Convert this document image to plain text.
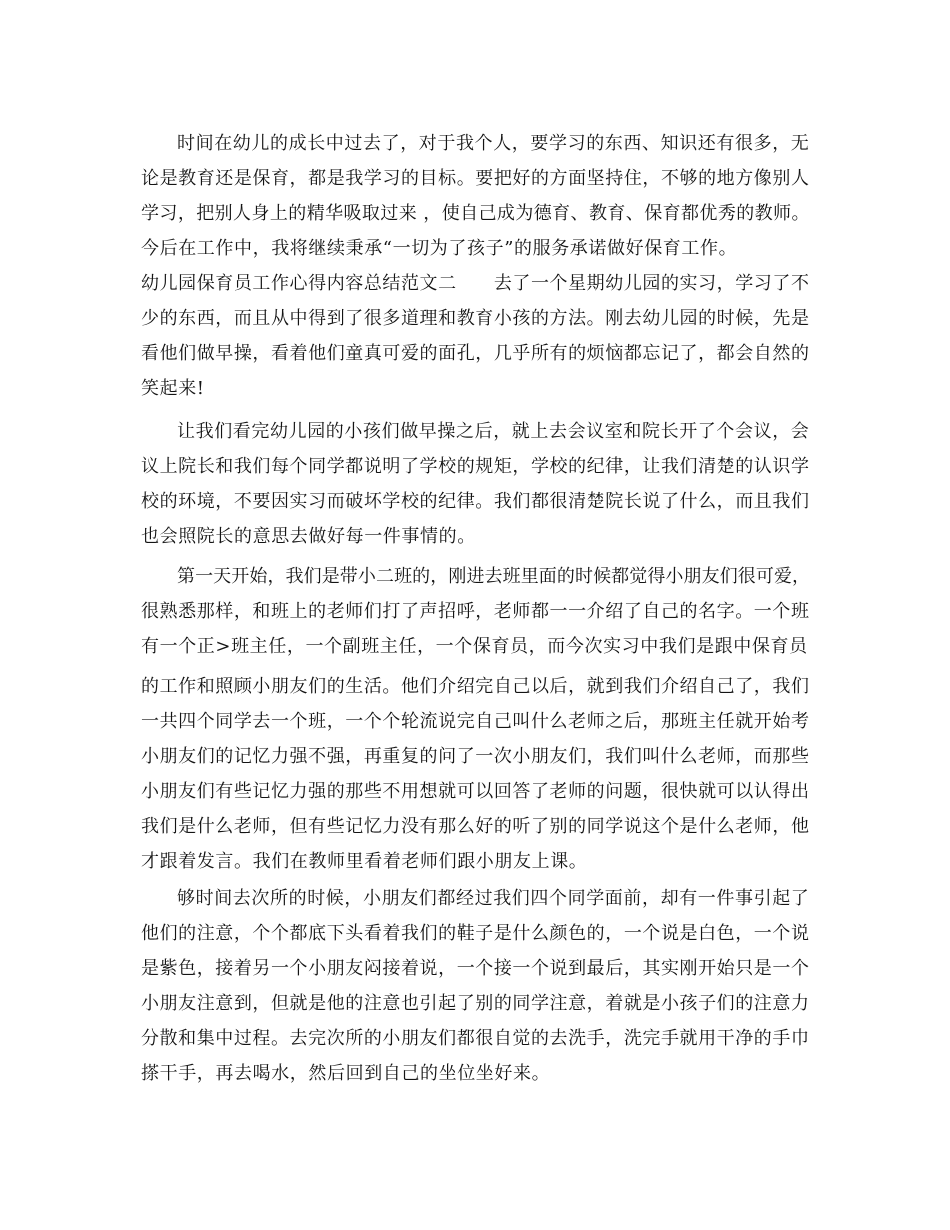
时间在幼儿的成长中过去了，对于我个人，要学习的东西、知识还有很多，无
论是教育还是保育，都是我学习的目标。要把好的方面坚持住，不够的地方像别人
学习，把别人身上的精华吸取过来 ，使自己成为德育、教育、保育都优秀的教师。
今后在工作中，我将继续秉承“一切为了孩子”的服务承诺做好保育工作。
幼儿园保育员工作心得内容总结范文二　　去了一个星期幼儿园的实习，学习了不
少的东西，而且从中得到了很多道理和教育小孩的方法。刚去幼儿园的时候，先是
看他们做早操，看着他们童真可爱的面孔，几乎所有的烦恼都忘记了，都会自然的
笑起来!
让我们看完幼儿园的小孩们做早操之后，就上去会议室和院长开了个会议，会
议上院长和我们每个同学都说明了学校的规矩，学校的纪律，让我们清楚的认识学
校的环境，不要因实习而破坏学校的纪律。我们都很清楚院长说了什么，而且我们
也会照院长的意思去做好每一件事情的。
第一天开始，我们是带小二班的，刚进去班里面的时候都觉得小朋友们很可爱，
很熟悉那样，和班上的老师们打了声招呼，老师都一一介绍了自己的名字。一个班
有一个正>班主任，一个副班主任，一个保育员，而今次实习中我们是跟中保育员
的工作和照顾小朋友们的生活。他们介绍完自己以后，就到我们介绍自己了，我们
一共四个同学去一个班，一个个轮流说完自己叫什么老师之后，那班主任就开始考
小朋友们的记忆力强不强，再重复的问了一次小朋友们，我们叫什么老师，而那些
小朋友们有些记忆力强的那些不用想就可以回答了老师的问题，很快就可以认得出
我们是什么老师，但有些记忆力没有那么好的听了别的同学说这个是什么老师，他
才跟着发言。我们在教师里看着老师们跟小朋友上课。
够时间去次所的时候，小朋友们都经过我们四个同学面前，却有一件事引起了
他们的注意，个个都底下头看着我们的鞋子是什么颜色的，一个说是白色，一个说
是紫色，接着另一个小朋友闷接着说，一个接一个说到最后，其实刚开始只是一个
小朋友注意到，但就是他的注意也引起了别的同学注意，着就是小孩子们的注意力
分散和集中过程。去完次所的小朋友们都很自觉的去洗手，洗完手就用干净的手巾
搽干手，再去喝水，然后回到自己的坐位坐好来。
